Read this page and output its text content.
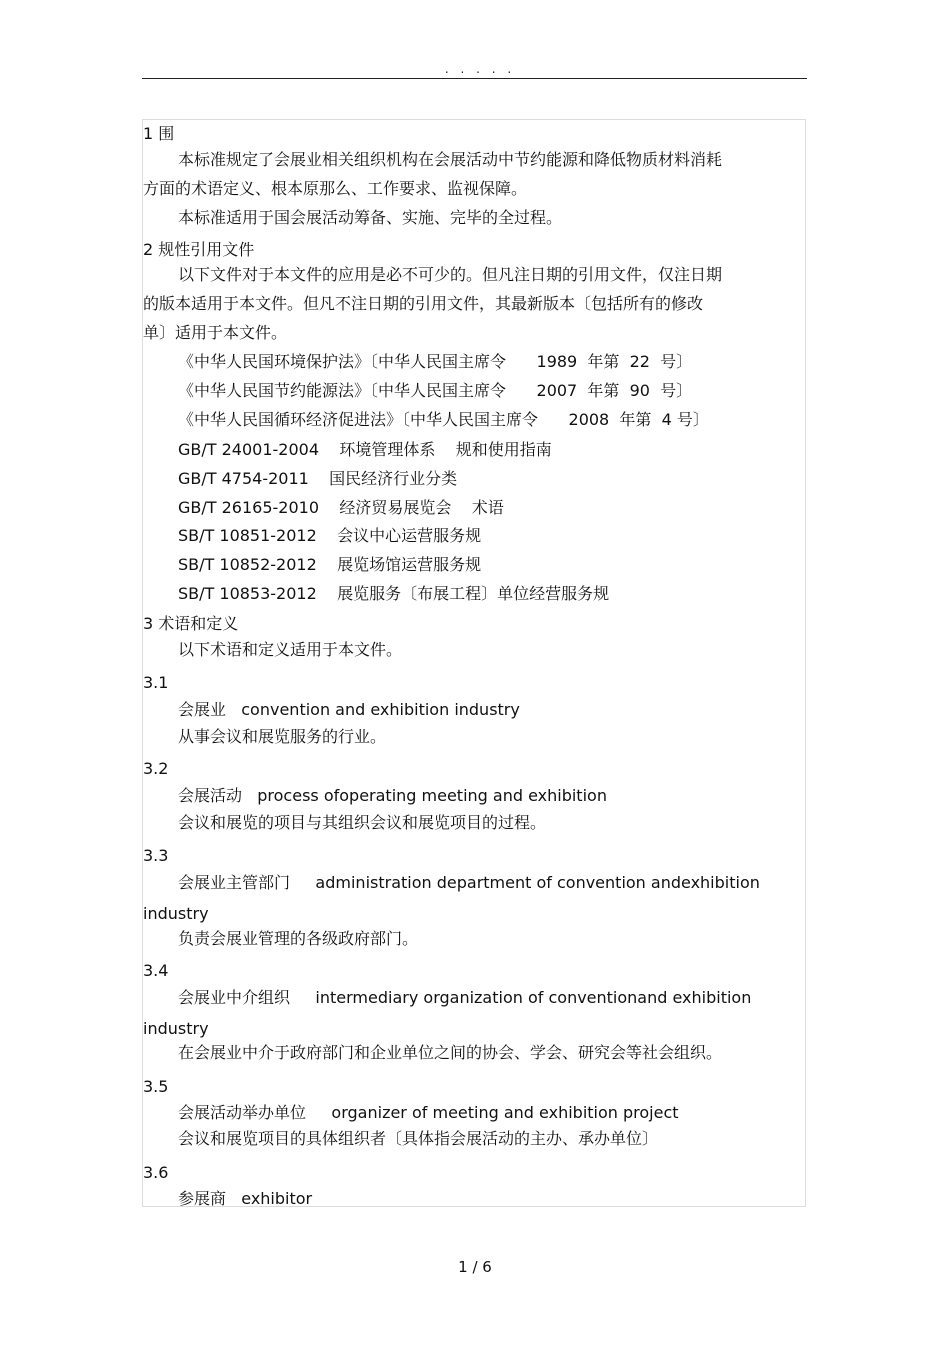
. . . . .
1 围
本标准规定了会展业相关组织机构在会展活动中节约能源和降低物质材料消耗
方面的术语定义、根本原那么、工作要求、监视保障。
本标准适用于国会展活动筹备、实施、完毕的全过程。
2 规性引用文件
以下文件对于本文件的应用是必不可少的。但凡注日期的引用文件，仅注日期
的版本适用于本文件。但凡不注日期的引用文件，其最新版本〔包括所有的修改
单〕适用于本文件。
《中华人民国环境保护法》〔中华人民国主席令      1989  年第  22  号〕
《中华人民国节约能源法》〔中华人民国主席令      2007  年第  90  号〕
《中华人民国循环经济促进法》〔中华人民国主席令      2008  年第  4 号〕
GB/T 24001-2004    环境管理体系    规和使用指南
GB/T 4754-2011    国民经济行业分类
GB/T 26165-2010    经济贸易展览会    术语
SB/T 10851-2012    会议中心运营服务规
SB/T 10852-2012    展览场馆运营服务规
SB/T 10853-2012    展览服务〔布展工程〕单位经营服务规
3 术语和定义
以下术语和定义适用于本文件。
3.1
会展业   convention and exhibition industry
从事会议和展览服务的行业。
3.2
会展活动   process ofoperating meeting and exhibition
会议和展览的项目与其组织会议和展览项目的过程。
3.3
会展业主管部门     administration department of convention andexhibition
industry
负责会展业管理的各级政府部门。
3.4
会展业中介组织     intermediary organization of conventionand exhibition
industry
在会展业中介于政府部门和企业单位之间的协会、学会、研究会等社会组织。
3.5
会展活动举办单位     organizer of meeting and exhibition project
会议和展览项目的具体组织者〔具体指会展活动的主办、承办单位〕
3.6
参展商   exhibitor
1 / 6
